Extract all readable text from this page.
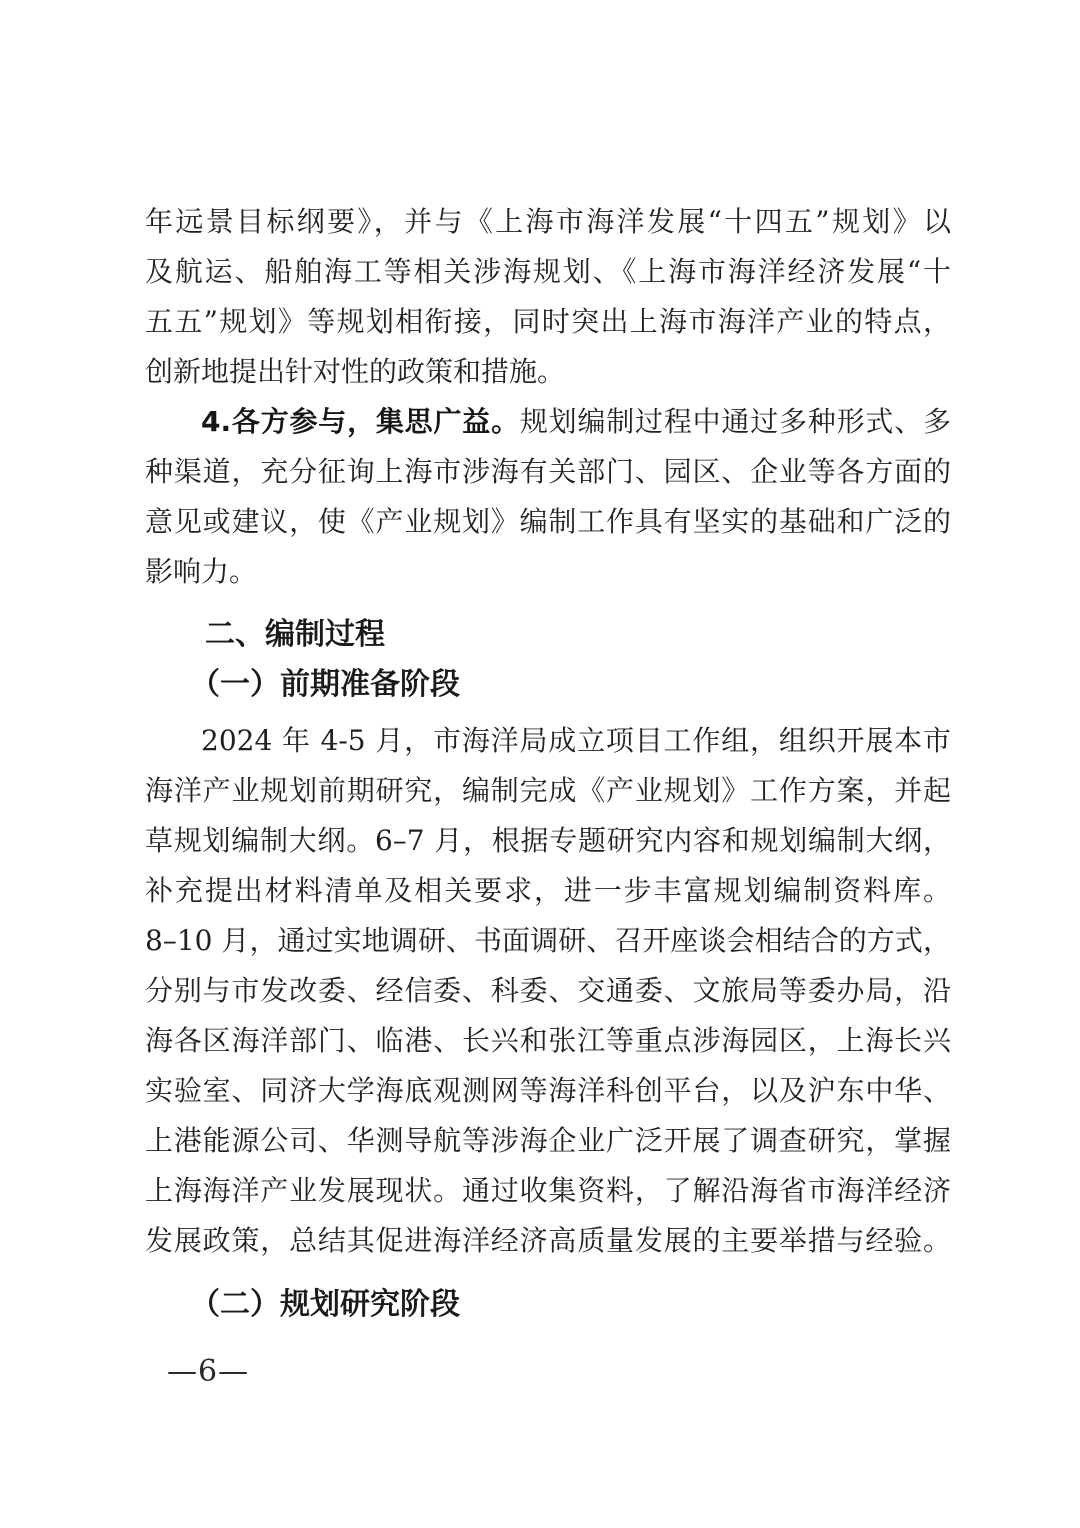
年远景目标纲要》，并与《上海市海洋发展“十四五”规划》以
及航运、船舶海工等相关涉海规划、《上海市海洋经济发展“十
五五”规划》等规划相衔接，同时突出上海市海洋产业的特点，
创新地提出针对性的政策和措施。
4.各方参与，集思广益。规划编制过程中通过多种形式、多
种渠道，充分征询上海市涉海有关部门、园区、企业等各方面的
意见或建议，使《产业规划》编制工作具有坚实的基础和广泛的
影响力。
二、编制过程
（一）前期准备阶段
2024 年 4-5 月，市海洋局成立项目工作组，组织开展本市
海洋产业规划前期研究，编制完成《产业规划》工作方案，并起
草规划编制大纲。6–7 月，根据专题研究内容和规划编制大纲，
补充提出材料清单及相关要求，进一步丰富规划编制资料库。
8–10 月，通过实地调研、书面调研、召开座谈会相结合的方式，
分别与市发改委、经信委、科委、交通委、文旅局等委办局，沿
海各区海洋部门、临港、长兴和张江等重点涉海园区，上海长兴
实验室、同济大学海底观测网等海洋科创平台，以及沪东中华、
上港能源公司、华测导航等涉海企业广泛开展了调查研究，掌握
上海海洋产业发展现状。通过收集资料，了解沿海省市海洋经济
发展政策，总结其促进海洋经济高质量发展的主要举措与经验。
（二）规划研究阶段
—6—
